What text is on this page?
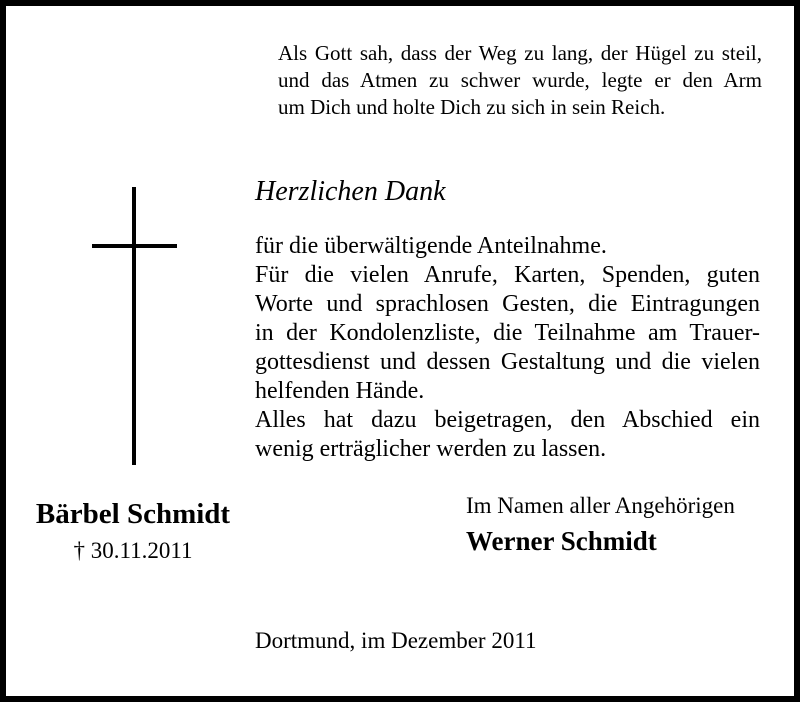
Als Gott sah, dass der Weg zu lang, der Hügel zu steil,
und das Atmen zu schwer wurde, legte er den Arm
um Dich und holte Dich zu sich in sein Reich.
Herzlichen Dank
für die überwältigende Anteilnahme.
Für die vielen Anrufe, Karten, Spenden, guten
Worte und sprachlosen Gesten, die Eintragungen
in der Kondolenzliste, die Teilnahme am Trauer-
gottesdienst und dessen Gestaltung und die vielen
helfenden Hände.
Alles hat dazu beigetragen, den Abschied ein
wenig erträglicher werden zu lassen.
Bärbel Schmidt
† 30.11.2011
Im Namen aller Angehörigen
Werner Schmidt
Dortmund, im Dezember 2011
